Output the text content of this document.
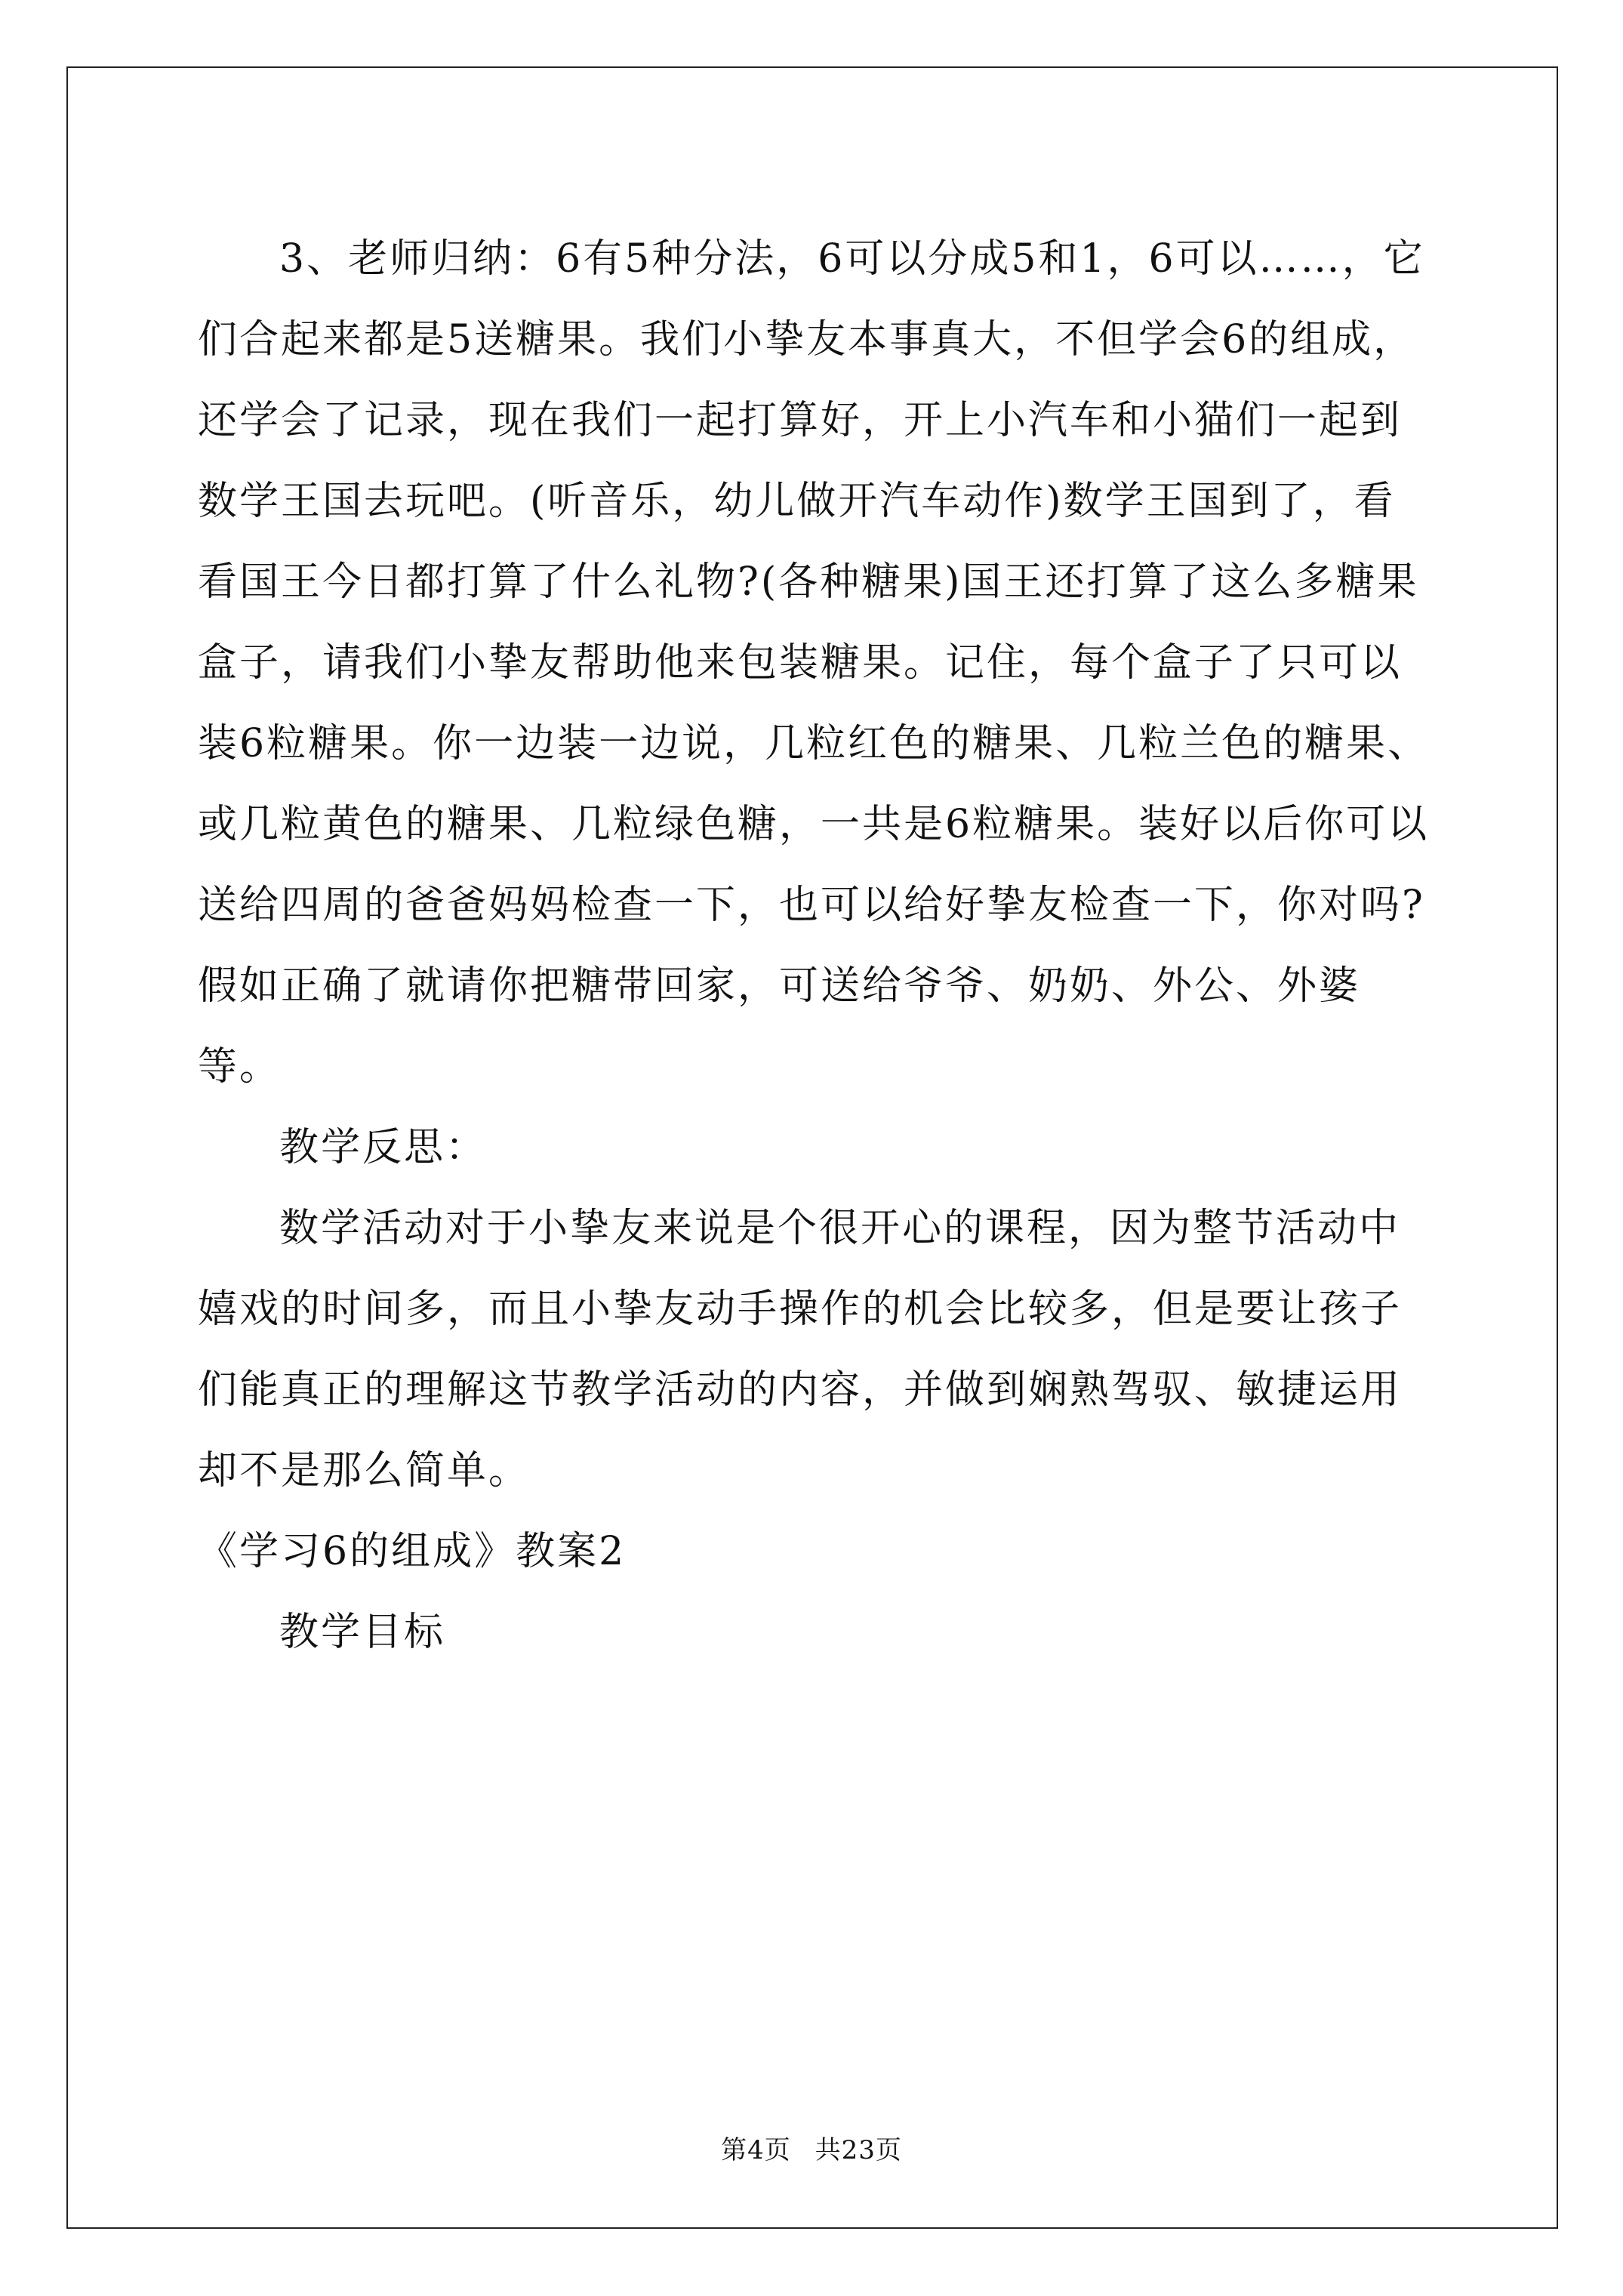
3、老师归纳：6有5种分法，6可以分成5和1，6可以……，它们合起来都是5送糖果。我们小挚友本事真大，不但学会6的组成，还学会了记录，现在我们一起打算好，开上小汽车和小猫们一起到数学王国去玩吧。(听音乐，幼儿做开汽车动作)数学王国到了，看看国王今日都打算了什么礼物?(各种糖果)国王还打算了这么多糖果盒子，请我们小挚友帮助他来包装糖果。记住，每个盒子了只可以装6粒糖果。你一边装一边说，几粒红色的糖果、几粒兰色的糖果、或几粒黄色的糖果、几粒绿色糖，一共是6粒糖果。装好以后你可以送给四周的爸爸妈妈检查一下，也可以给好挚友检查一下，你对吗?假如正确了就请你把糖带回家，可送给爷爷、奶奶、外公、外婆等。

教学反思：

数学活动对于小挚友来说是个很开心的课程，因为整节活动中嬉戏的时间多，而且小挚友动手操作的机会比较多，但是要让孩子们能真正的理解这节教学活动的内容，并做到娴熟驾驭、敏捷运用却不是那么简单。

《学习6的组成》教案2

教学目标

第4页 共23页
